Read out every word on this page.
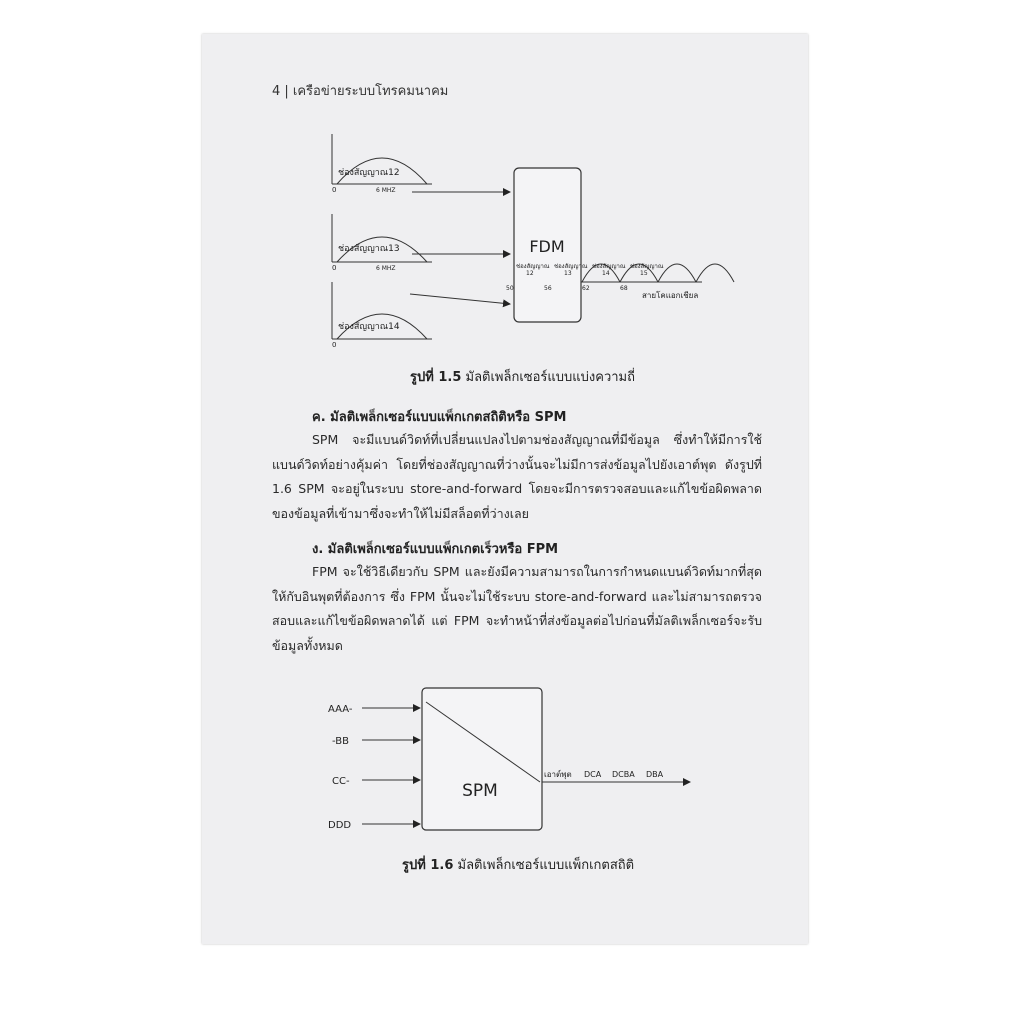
4 | เครือข่ายระบบโทรคมนาคม
ช่องสัญญาณ12
0	6 MHZ
ช่องสัญญาณ13
0	6 MHZ
ช่องสัญญาณ14
0
FDM
ช่องสัญญาณ
12
ช่องสัญญาณ
13
ช่องสัญญาณ
14
ช่องสัญญาณ
15
50	56	62	68
สายโคแอกเชียล
รูปที่ 1.5 มัลติเพล็กเซอร์แบบแบ่งความถี่
ค. มัลติเพล็กเซอร์แบบแพ็กเกตสถิติหรือ SPM

SPM จะมีแบนด์วิดท์ที่เปลี่ยนแปลงไปตามช่องสัญญาณที่มีข้อมูล ซึ่งทำให้มีการใช้แบนด์วิดท์อย่างคุ้มค่า โดยที่ช่องสัญญาณที่ว่างนั้นจะไม่มีการส่งข้อมูลไปยังเอาต์พุต ดังรูปที่ 1.6 SPM จะอยู่ในระบบ store-and-forward โดยจะมีการตรวจสอบและแก้ไขข้อผิดพลาดของข้อมูลที่เข้ามาซึ่งจะทำให้ไม่มีสล็อตที่ว่างเลย

ง. มัลติเพล็กเซอร์แบบแพ็กเกตเร็วหรือ FPM

FPM จะใช้วิธีเดียวกับ SPM และยังมีความสามารถในการกำหนดแบนด์วิดท์มากที่สุดให้กับอินพุตที่ต้องการ ซึ่ง FPM นั้นจะไม่ใช้ระบบ store-and-forward และไม่สามารถตรวจสอบและแก้ไขข้อผิดพลาดได้ แต่ FPM จะทำหน้าที่ส่งข้อมูลต่อไปก่อนที่มัลติเพล็กเซอร์จะรับข้อมูลทั้งหมด

AAA-
-BB
CC-
DDD
SPM
เอาต์พุต DCA DCBA DBA
รูปที่ 1.6 มัลติเพล็กเซอร์แบบแพ็กเกตสถิติ
